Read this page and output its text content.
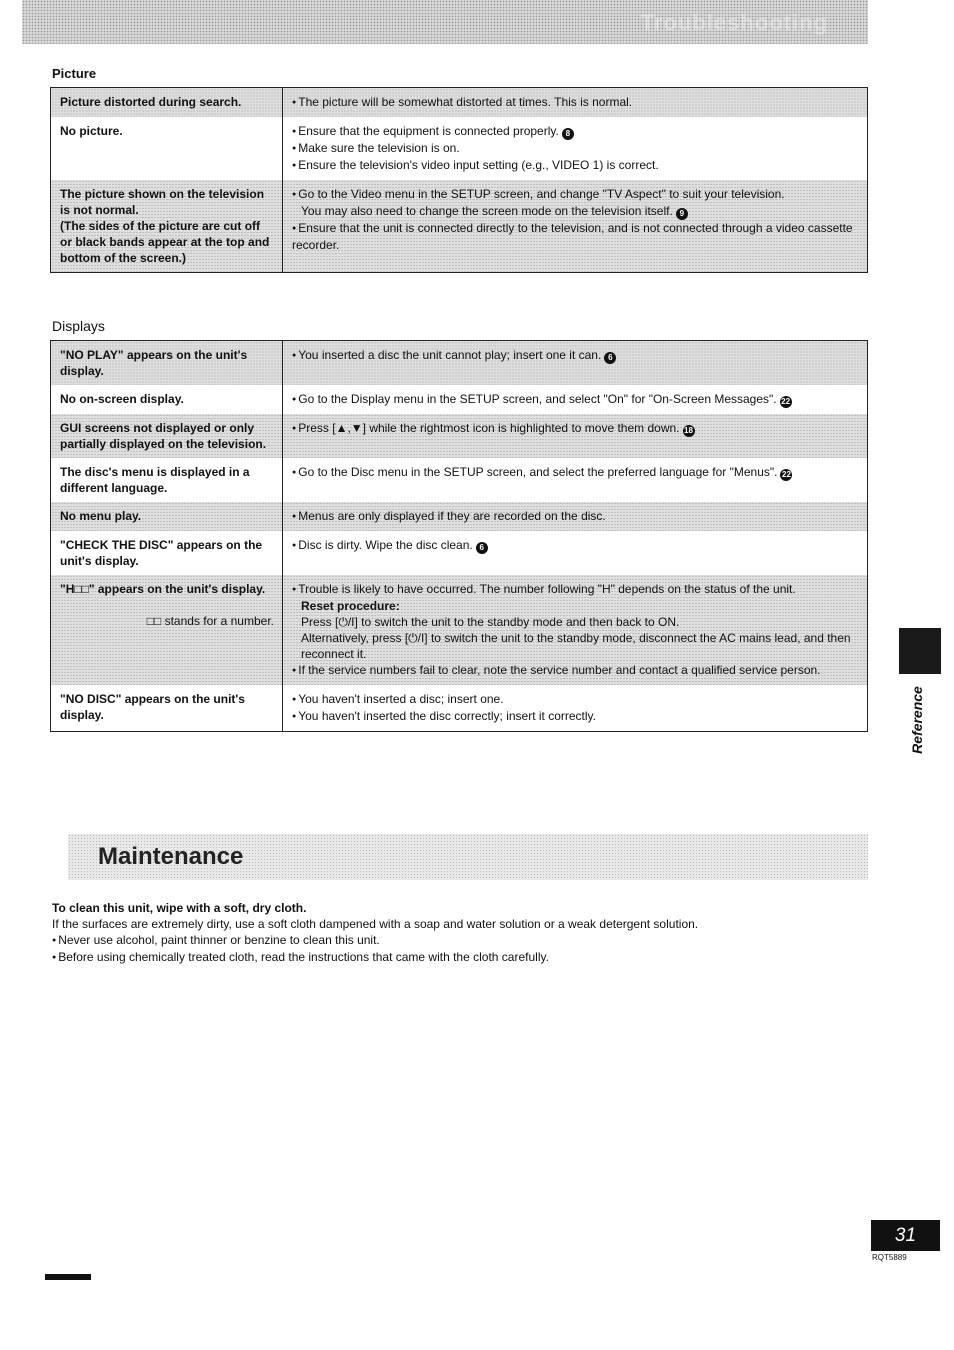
Troubleshooting
Picture
Picture distorted during search.	● The picture will be somewhat distorted at times. This is normal.

No picture.	● Ensure that the equipment is connected properly. 8
● Make sure the television is on.
● Ensure the television's video input setting (e.g., VIDEO 1) is correct.

The picture shown on the television is not normal.
(The sides of the picture are cut off or black bands appear at the top and bottom of the screen.)	● Go to the Video menu in the SETUP screen, and change "TV Aspect" to suit your television.
You may also need to change the screen mode on the television itself. 9
● Ensure that the unit is connected directly to the television, and is not connected through a video cassette recorder.
Displays
"NO PLAY" appears on the unit's display.	● You inserted a disc the unit cannot play; insert one it can. 6

No on-screen display.	● Go to the Display menu in the SETUP screen, and select "On" for "On-Screen Messages". 22

GUI screens not displayed or only partially displayed on the television.	● Press [▲,▼] while the rightmost icon is highlighted to move them down. 18

The disc's menu is displayed in a different language.	● Go to the Disc menu in the SETUP screen, and select the preferred language for "Menus". 22

No menu play.	● Menus are only displayed if they are recorded on the disc.

"CHECK THE DISC" appears on the unit's display.	● Disc is dirty. Wipe the disc clean. 6

"H□□" appears on the unit's display.
□□ stands for a number.	● Trouble is likely to have occurred. The number following "H" depends on the status of the unit.
Reset procedure:
Press [⏻/I] to switch the unit to the standby mode and then back to ON.
Alternatively, press [⏻/I] to switch the unit to the standby mode, disconnect the AC mains lead, and then reconnect it.
● If the service numbers fail to clear, note the service number and contact a qualified service person.

"NO DISC" appears on the unit's display.	● You haven't inserted a disc; insert one.
● You haven't inserted the disc correctly; insert it correctly.
Maintenance
To clean this unit, wipe with a soft, dry cloth.
If the surfaces are extremely dirty, use a soft cloth dampened with a soap and water solution or a weak detergent solution.
● Never use alcohol, paint thinner or benzine to clean this unit.
● Before using chemically treated cloth, read the instructions that came with the cloth carefully.
Reference
31
RQT5889
